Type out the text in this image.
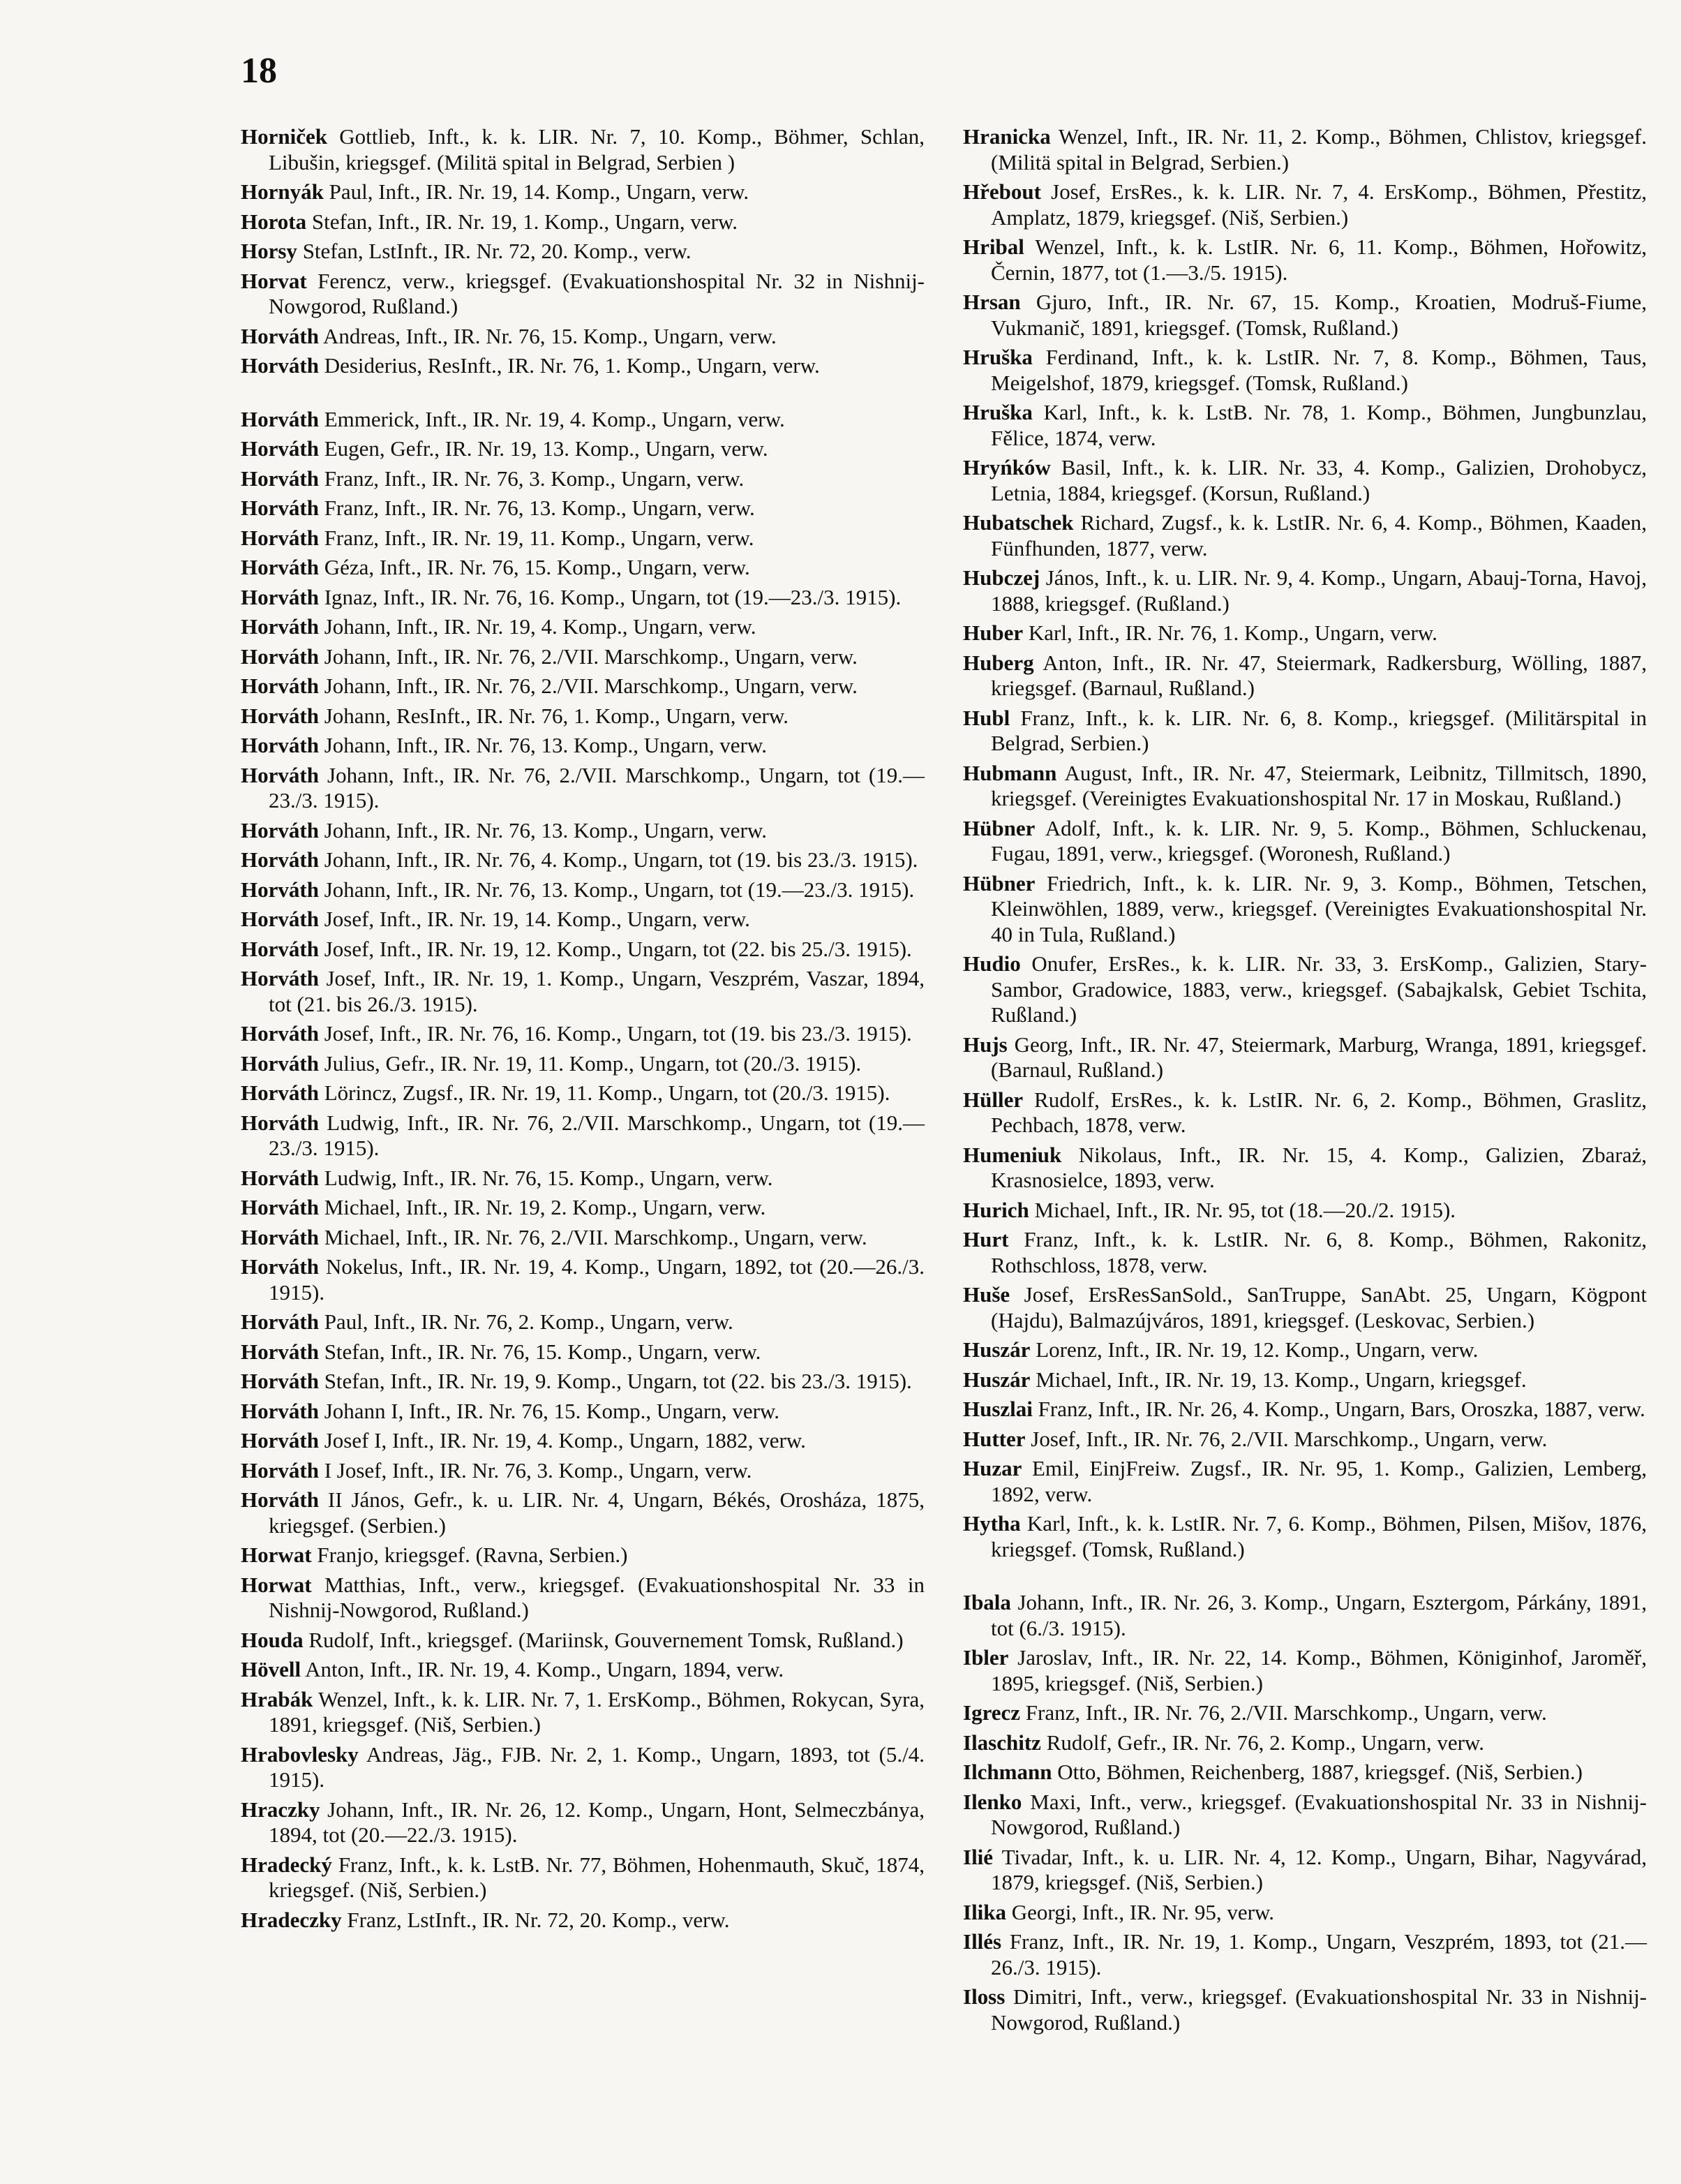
18

Horniček Gottlieb, Inft., k. k. LIR. Nr. 7, 10. Komp., Böhmer, Schlan, Libušin, kriegsgef. (Militä spital in Belgrad, Serbien )

Hornyák Paul, Inft., IR. Nr. 19, 14. Komp., Ungarn, verw.

Horota Stefan, Inft., IR. Nr. 19, 1. Komp., Ungarn, verw.

Horsy Stefan, LstInft., IR. Nr. 72, 20. Komp., verw.

Horvat Ferencz, verw., kriegsgef. (Evakuationshospital Nr. 32 in Nishnij-Nowgorod, Rußland.)

Horváth Andreas, Inft., IR. Nr. 76, 15. Komp., Ungarn, verw.

Horváth Desiderius, ResInft., IR. Nr. 76, 1. Komp., Ungarn, verw.

Horváth Emmerick, Inft., IR. Nr. 19, 4. Komp., Ungarn, verw.

Horváth Eugen, Gefr., IR. Nr. 19, 13. Komp., Ungarn, verw.

Horváth Franz, Inft., IR. Nr. 76, 3. Komp., Ungarn, verw.

Horváth Franz, Inft., IR. Nr. 76, 13. Komp., Ungarn, verw.

Horváth Franz, Inft., IR. Nr. 19, 11. Komp., Ungarn, verw.

Horváth Géza, Inft., IR. Nr. 76, 15. Komp., Ungarn, verw.

Horváth Ignaz, Inft., IR. Nr. 76, 16. Komp., Ungarn, tot (19.—23./3. 1915).

Horváth Johann, Inft., IR. Nr. 19, 4. Komp., Ungarn, verw.

Horváth Johann, Inft., IR. Nr. 76, 2./VII. Marschkomp., Ungarn, verw.

Horváth Johann, Inft., IR. Nr. 76, 2./VII. Marschkomp., Ungarn, verw.

Horváth Johann, ResInft., IR. Nr. 76, 1. Komp., Ungarn, verw.

Horváth Johann, Inft., IR. Nr. 76, 13. Komp., Ungarn, verw.

Horváth Johann, Inft., IR. Nr. 76, 2./VII. Marschkomp., Ungarn, tot (19.—23./3. 1915).

Horváth Johann, Inft., IR. Nr. 76, 13. Komp., Ungarn, verw.

Horváth Johann, Inft., IR. Nr. 76, 4. Komp., Ungarn, tot (19. bis 23./3. 1915).

Horváth Johann, Inft., IR. Nr. 76, 13. Komp., Ungarn, tot (19.—23./3. 1915).

Horváth Josef, Inft., IR. Nr. 19, 14. Komp., Ungarn, verw.

Horváth Josef, Inft., IR. Nr. 19, 12. Komp., Ungarn, tot (22. bis 25./3. 1915).

Horváth Josef, Inft., IR. Nr. 19, 1. Komp., Ungarn, Veszprém, Vaszar, 1894, tot (21. bis 26./3. 1915).

Horváth Josef, Inft., IR. Nr. 76, 16. Komp., Ungarn, tot (19. bis 23./3. 1915).

Horváth Julius, Gefr., IR. Nr. 19, 11. Komp., Ungarn, tot (20./3. 1915).

Horváth Lörincz, Zugsf., IR. Nr. 19, 11. Komp., Ungarn, tot (20./3. 1915).

Horváth Ludwig, Inft., IR. Nr. 76, 2./VII. Marschkomp., Ungarn, tot (19.—23./3. 1915).

Horváth Ludwig, Inft., IR. Nr. 76, 15. Komp., Ungarn, verw.

Horváth Michael, Inft., IR. Nr. 19, 2. Komp., Ungarn, verw.

Horváth Michael, Inft., IR. Nr. 76, 2./VII. Marschkomp., Ungarn, verw.

Horváth Nokelus, Inft., IR. Nr. 19, 4. Komp., Ungarn, 1892, tot (20.—26./3. 1915).

Horváth Paul, Inft., IR. Nr. 76, 2. Komp., Ungarn, verw.

Horváth Stefan, Inft., IR. Nr. 76, 15. Komp., Ungarn, verw.

Horváth Stefan, Inft., IR. Nr. 19, 9. Komp., Ungarn, tot (22. bis 23./3. 1915).

Horváth Johann I, Inft., IR. Nr. 76, 15. Komp., Ungarn, verw.

Horváth Josef I, Inft., IR. Nr. 19, 4. Komp., Ungarn, 1882, verw.

Horváth I Josef, Inft., IR. Nr. 76, 3. Komp., Ungarn, verw.

Horváth II János, Gefr., k. u. LIR. Nr. 4, Ungarn, Békés, Orosháza, 1875, kriegsgef. (Serbien.)

Horwat Franjo, kriegsgef. (Ravna, Serbien.)

Horwat Matthias, Inft., verw., kriegsgef. (Evakuationshospital Nr. 33 in Nishnij-Nowgorod, Rußland.)

Houda Rudolf, Inft., kriegsgef. (Mariinsk, Gouvernement Tomsk, Rußland.)

Hövell Anton, Inft., IR. Nr. 19, 4. Komp., Ungarn, 1894, verw.

Hrabák Wenzel, Inft., k. k. LIR. Nr. 7, 1. ErsKomp., Böhmen, Rokycan, Syra, 1891, kriegsgef. (Niš, Serbien.)

Hrabovlesky Andreas, Jäg., FJB. Nr. 2, 1. Komp., Ungarn, 1893, tot (5./4. 1915).

Hraczky Johann, Inft., IR. Nr. 26, 12. Komp., Ungarn, Hont, Selmeczbánya, 1894, tot (20.—22./3. 1915).

Hradecký Franz, Inft., k. k. LstB. Nr. 77, Böhmen, Hohenmauth, Skuč, 1874, kriegsgef. (Niš, Serbien.)

Hradeczky Franz, LstInft., IR. Nr. 72, 20. Komp., verw.

Hranicka Wenzel, Inft., IR. Nr. 11, 2. Komp., Böhmen, Chlistov, kriegsgef. (Militä spital in Belgrad, Serbien.)

Hřebout Josef, ErsRes., k. k. LIR. Nr. 7, 4. ErsKomp., Böhmen, Přestitz, Amplatz, 1879, kriegsgef. (Niš, Serbien.)

Hribal Wenzel, Inft., k. k. LstIR. Nr. 6, 11. Komp., Böhmen, Hořowitz, Černin, 1877, tot (1.—3./5. 1915).

Hrsan Gjuro, Inft., IR. Nr. 67, 15. Komp., Kroatien, Modruš-Fiume, Vukmanič, 1891, kriegsgef. (Tomsk, Rußland.)

Hruška Ferdinand, Inft., k. k. LstIR. Nr. 7, 8. Komp., Böhmen, Taus, Meigelshof, 1879, kriegsgef. (Tomsk, Rußland.)

Hruška Karl, Inft., k. k. LstB. Nr. 78, 1. Komp., Böhmen, Jungbunzlau, Fělice, 1874, verw.

Hryńków Basil, Inft., k. k. LIR. Nr. 33, 4. Komp., Galizien, Drohobycz, Letnia, 1884, kriegsgef. (Korsun, Rußland.)

Hubatschek Richard, Zugsf., k. k. LstIR. Nr. 6, 4. Komp., Böhmen, Kaaden, Fünfhunden, 1877, verw.

Hubczej János, Inft., k. u. LIR. Nr. 9, 4. Komp., Ungarn, Abauj-Torna, Havoj, 1888, kriegsgef. (Rußland.)

Huber Karl, Inft., IR. Nr. 76, 1. Komp., Ungarn, verw.

Huberg Anton, Inft., IR. Nr. 47, Steiermark, Radkersburg, Wölling, 1887, kriegsgef. (Barnaul, Rußland.)

Hubl Franz, Inft., k. k. LIR. Nr. 6, 8. Komp., kriegsgef. (Militärspital in Belgrad, Serbien.)

Hubmann August, Inft., IR. Nr. 47, Steiermark, Leibnitz, Tillmitsch, 1890, kriegsgef. (Vereinigtes Evakuationshospital Nr. 17 in Moskau, Rußland.)

Hübner Adolf, Inft., k. k. LIR. Nr. 9, 5. Komp., Böhmen, Schluckenau, Fugau, 1891, verw., kriegsgef. (Woronesh, Rußland.)

Hübner Friedrich, Inft., k. k. LIR. Nr. 9, 3. Komp., Böhmen, Tetschen, Kleinwöhlen, 1889, verw., kriegsgef. (Vereinigtes Evakuationshospital Nr. 40 in Tula, Rußland.)

Hudio Onufer, ErsRes., k. k. LIR. Nr. 33, 3. ErsKomp., Galizien, Stary-Sambor, Gradowice, 1883, verw., kriegsgef. (Sabajkalsk, Gebiet Tschita, Rußland.)

Hujs Georg, Inft., IR. Nr. 47, Steiermark, Marburg, Wranga, 1891, kriegsgef. (Barnaul, Rußland.)

Hüller Rudolf, ErsRes., k. k. LstIR. Nr. 6, 2. Komp., Böhmen, Graslitz, Pechbach, 1878, verw.

Humeniuk Nikolaus, Inft., IR. Nr. 15, 4. Komp., Galizien, Zbaraż, Krasnosielce, 1893, verw.

Hurich Michael, Inft., IR. Nr. 95, tot (18.—20./2. 1915).

Hurt Franz, Inft., k. k. LstIR. Nr. 6, 8. Komp., Böhmen, Rakonitz, Rothschloss, 1878, verw.

Huše Josef, ErsResSanSold., SanTruppe, SanAbt. 25, Ungarn, Kögpont (Hajdu), Balmazújváros, 1891, kriegsgef. (Leskovac, Serbien.)

Huszár Lorenz, Inft., IR. Nr. 19, 12. Komp., Ungarn, verw.

Huszár Michael, Inft., IR. Nr. 19, 13. Komp., Ungarn, kriegsgef.

Huszlai Franz, Inft., IR. Nr. 26, 4. Komp., Ungarn, Bars, Oroszka, 1887, verw.

Hutter Josef, Inft., IR. Nr. 76, 2./VII. Marschkomp., Ungarn, verw.

Huzar Emil, EinjFreiw. Zugsf., IR. Nr. 95, 1. Komp., Galizien, Lemberg, 1892, verw.

Hytha Karl, Inft., k. k. LstIR. Nr. 7, 6. Komp., Böhmen, Pilsen, Mišov, 1876, kriegsgef. (Tomsk, Rußland.)

Ibala Johann, Inft., IR. Nr. 26, 3. Komp., Ungarn, Esztergom, Párkány, 1891, tot (6./3. 1915).

Ibler Jaroslav, Inft., IR. Nr. 22, 14. Komp., Böhmen, Königinhof, Jaroměř, 1895, kriegsgef. (Niš, Serbien.)

Igrecz Franz, Inft., IR. Nr. 76, 2./VII. Marschkomp., Ungarn, verw.

Ilaschitz Rudolf, Gefr., IR. Nr. 76, 2. Komp., Ungarn, verw.

Ilchmann Otto, Böhmen, Reichenberg, 1887, kriegsgef. (Niš, Serbien.)

Ilenko Maxi, Inft., verw., kriegsgef. (Evakuationshospital Nr. 33 in Nishnij-Nowgorod, Rußland.)

Ilié Tivadar, Inft., k. u. LIR. Nr. 4, 12. Komp., Ungarn, Bihar, Nagyvárad, 1879, kriegsgef. (Niš, Serbien.)

Ilika Georgi, Inft., IR. Nr. 95, verw.

Illés Franz, Inft., IR. Nr. 19, 1. Komp., Ungarn, Veszprém, 1893, tot (21.—26./3. 1915).

Iloss Dimitri, Inft., verw., kriegsgef. (Evakuationshospital Nr. 33 in Nishnij-Nowgorod, Rußland.)
